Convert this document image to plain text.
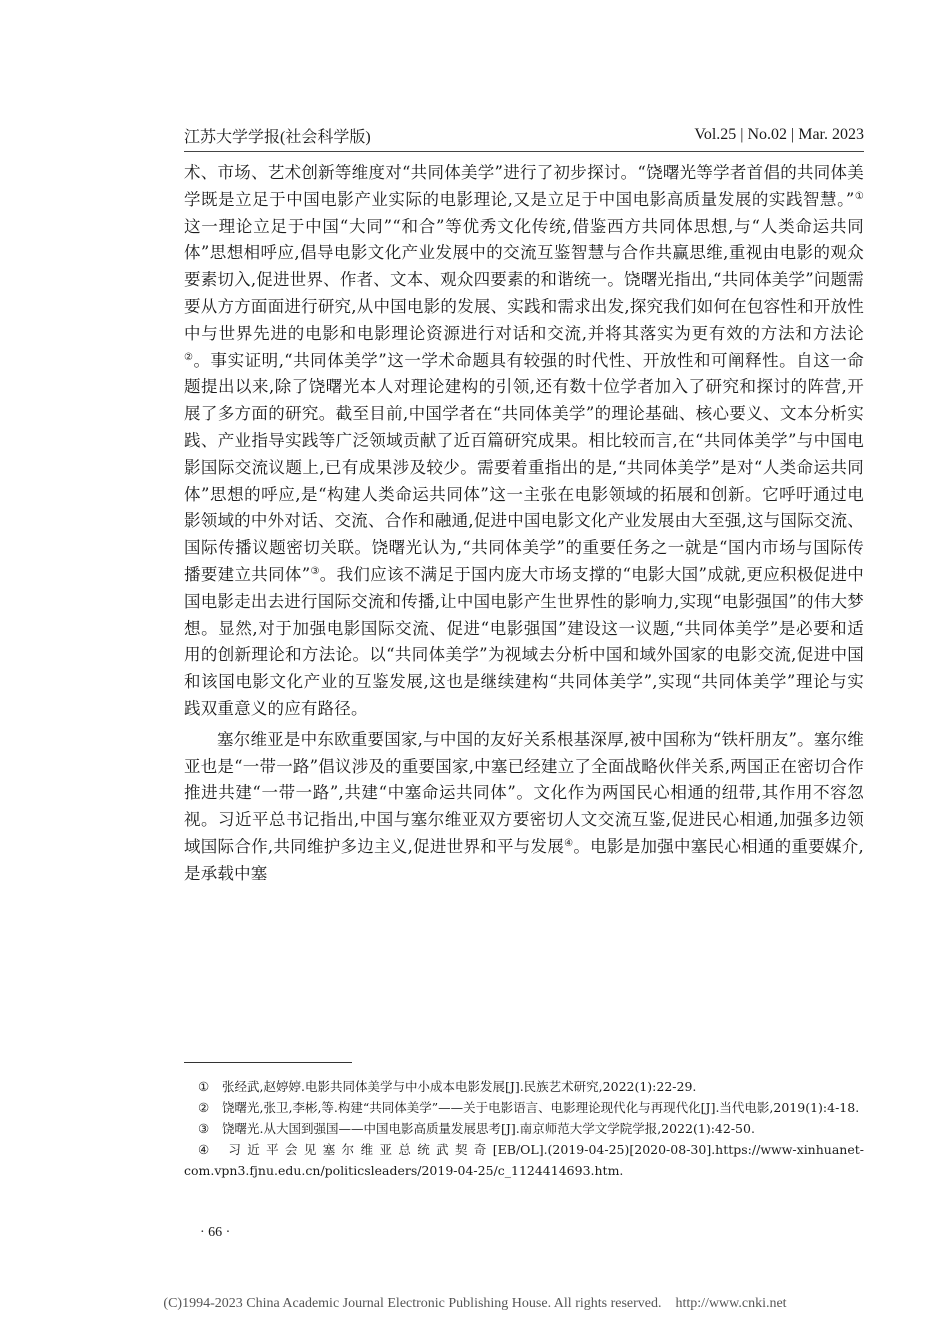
江苏大学学报(社会科学版)	Vol.25 | No.02 | Mar. 2023

术、市场、艺术创新等维度对“共同体美学”进行了初步探讨。“饶曙光等学者首倡的共同体美学既是立足于中国电影产业实际的电影理论,又是立足于中国电影高质量发展的实践智慧。”①这一理论立足于中国“大同”“和合”等优秀文化传统,借鉴西方共同体思想,与“人类命运共同体”思想相呼应,倡导电影文化产业发展中的交流互鉴智慧与合作共赢思维,重视由电影的观众要素切入,促进世界、作者、文本、观众四要素的和谐统一。饶曙光指出,“共同体美学”问题需要从方方面面进行研究,从中国电影的发展、实践和需求出发,探究我们如何在包容性和开放性中与世界先进的电影和电影理论资源进行对话和交流,并将其落实为更有效的方法和方法论②。事实证明,“共同体美学”这一学术命题具有较强的时代性、开放性和可阐释性。自这一命题提出以来,除了饶曙光本人对理论建构的引领,还有数十位学者加入了研究和探讨的阵营,开展了多方面的研究。截至目前,中国学者在“共同体美学”的理论基础、核心要义、文本分析实践、产业指导实践等广泛领域贡献了近百篇研究成果。相比较而言,在“共同体美学”与中国电影国际交流议题上,已有成果涉及较少。需要着重指出的是,“共同体美学”是对“人类命运共同体”思想的呼应,是“构建人类命运共同体”这一主张在电影领域的拓展和创新。它呼吁通过电影领域的中外对话、交流、合作和融通,促进中国电影文化产业发展由大至强,这与国际交流、国际传播议题密切关联。饶曙光认为,“共同体美学”的重要任务之一就是“国内市场与国际传播要建立共同体”③。我们应该不满足于国内庞大市场支撑的“电影大国”成就,更应积极促进中国电影走出去进行国际交流和传播,让中国电影产生世界性的影响力,实现“电影强国”的伟大梦想。显然,对于加强电影国际交流、促进“电影强国”建设这一议题,“共同体美学”是必要和适用的创新理论和方法论。以“共同体美学”为视域去分析中国和域外国家的电影交流,促进中国和该国电影文化产业的互鉴发展,这也是继续建构“共同体美学”,实现“共同体美学”理论与实践双重意义的应有路径。

塞尔维亚是中东欧重要国家,与中国的友好关系根基深厚,被中国称为“铁杆朋友”。塞尔维亚也是“一带一路”倡议涉及的重要国家,中塞已经建立了全面战略伙伴关系,两国正在密切合作推进共建“一带一路”,共建“中塞命运共同体”。文化作为两国民心相通的纽带,其作用不容忽视。习近平总书记指出,中国与塞尔维亚双方要密切人文交流互鉴,促进民心相通,加强多边领域国际合作,共同维护多边主义,促进世界和平与发展④。电影是加强中塞民心相通的重要媒介,是承载中塞

① 张经武,赵婷婷.电影共同体美学与中小成本电影发展[J].民族艺术研究,2022(1):22-29.
② 饶曙光,张卫,李彬,等.构建“共同体美学”——关于电影语言、电影理论现代化与再现代化[J].当代电影,2019(1):4-18.
③ 饶曙光.从大国到强国——中国电影高质量发展思考[J].南京师范大学文学院学报,2022(1):42-50.
④ 习近平会见塞尔维亚总统武契奇[EB/OL].(2019-04-25)[2020-08-30].https://www-xinhuanet-com.vpn3.fjnu.edu.cn/politicsleaders/2019-04-25/c_1124414693.htm.
· 66 ·
(C)1994-2023 China Academic Journal Electronic Publishing House. All rights reserved.    http://www.cnki.net
